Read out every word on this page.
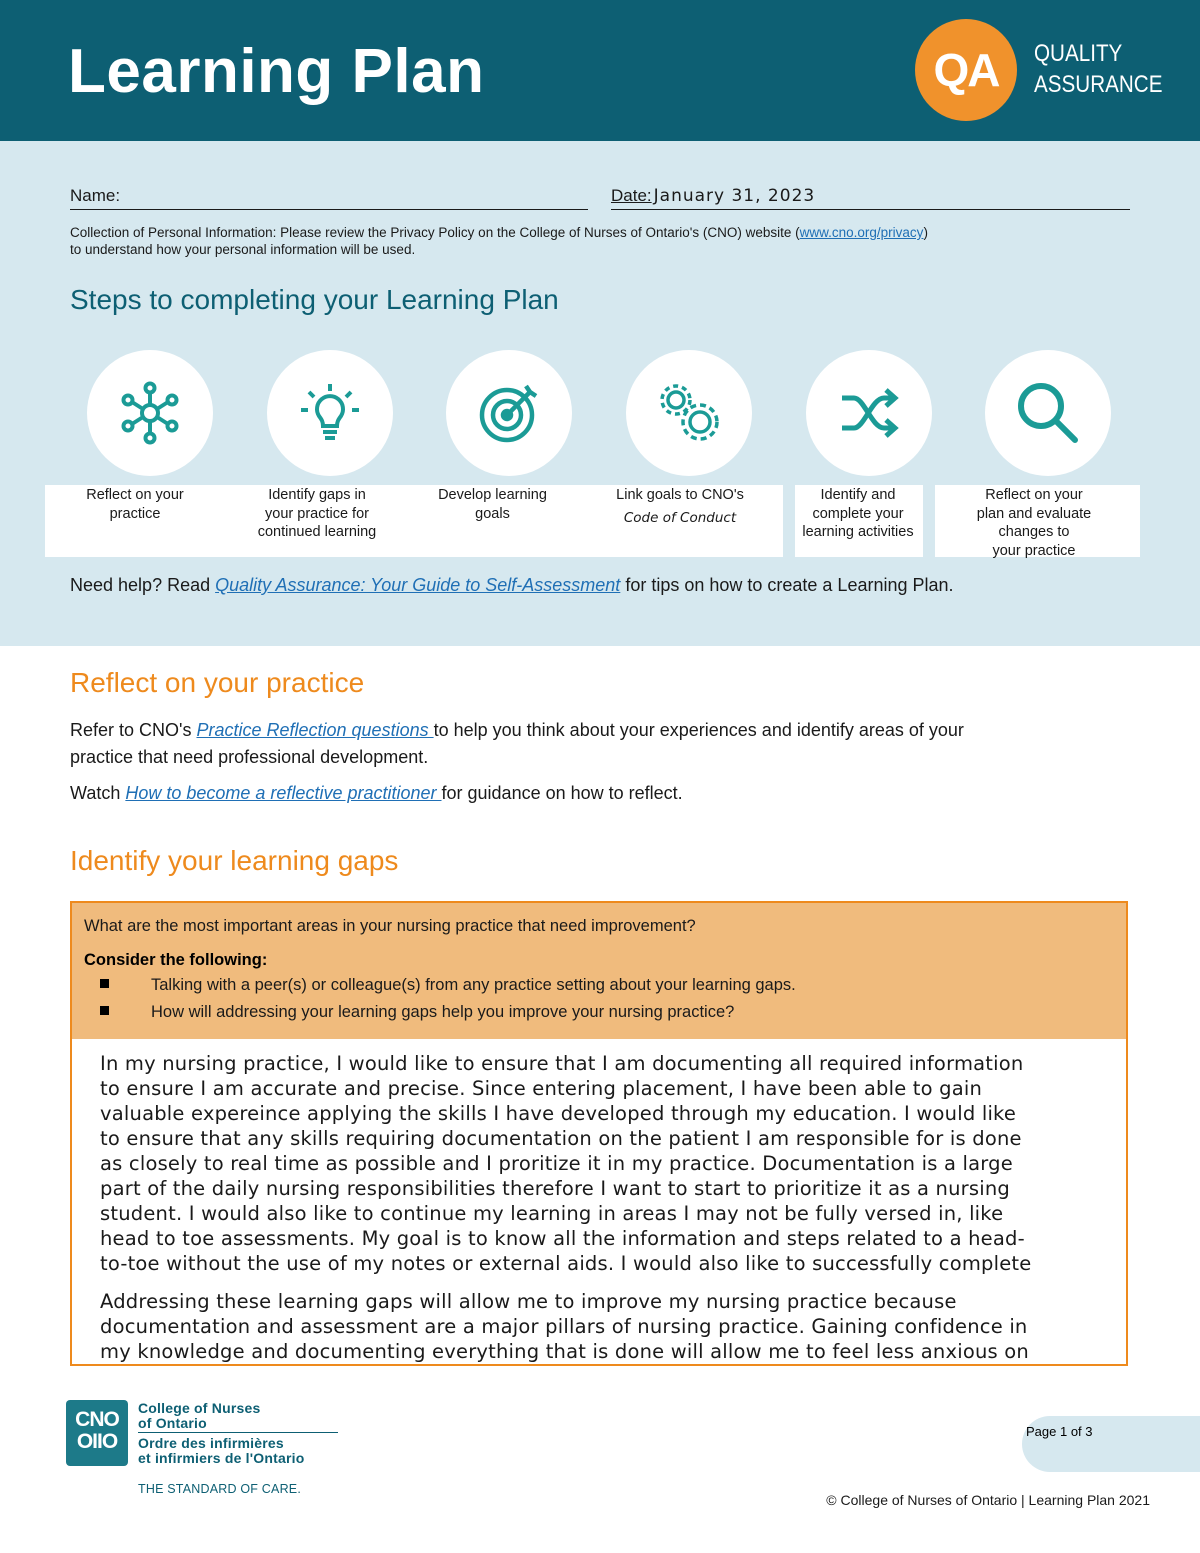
Learning Plan	QA	QUALITY
ASSURANCE
Name:	Date: January 31, 2023
Collection of Personal Information: Please review the Privacy Policy on the College of Nurses of Ontario's (CNO) website (www.cno.org/privacy)
to understand how your personal information will be used.
Steps to completing your Learning Plan
Reflect on your
practice
Identify gaps in
your practice for
continued learning
Develop learning
goals
Link goals to CNO's
Code of Conduct
Identify and
complete your
learning activities
Reflect on your
plan and evaluate
changes to
your practice
Need help? Read Quality Assurance: Your Guide to Self-Assessment for tips on how to create a Learning Plan.
Reflect on your practice
Refer to CNO's Practice Reflection questions to help you think about your experiences and identify areas of your
practice that need professional development.
Watch How to become a reflective practitioner for guidance on how to reflect.
Identify your learning gaps
What are the most important areas in your nursing practice that need improvement?
Consider the following:
Talking with a peer(s) or colleague(s) from any practice setting about your learning gaps.
How will addressing your learning gaps help you improve your nursing practice?
In my nursing practice, I would like to ensure that I am documenting all required information
to ensure I am accurate and precise. Since entering placement, I have been able to gain
valuable expereince applying the skills I have developed through my education. I would like
to ensure that any skills requiring documentation on the patient I am responsible for is done
as closely to real time as possible and I proritize it in my practice. Documentation is a large
part of the daily nursing responsibilities therefore I want to start to prioritize it as a nursing
student. I would also like to continue my learning in areas I may not be fully versed in, like
head to toe assessments. My goal is to know all the information and steps related to a head-
to-toe without the use of my notes or external aids. I would also like to successfully complete
Addressing these learning gaps will allow me to improve my nursing practice because
documentation and assessment are a major pillars of nursing practice. Gaining confidence in
my knowledge and documenting everything that is done will allow me to feel less anxious on
CNO
OIIO
College of Nurses
of Ontario
Ordre des infirmières
et infirmiers de l'Ontario
THE STANDARD OF CARE.
Page 1 of 3
© College of Nurses of Ontario | Learning Plan 2021
